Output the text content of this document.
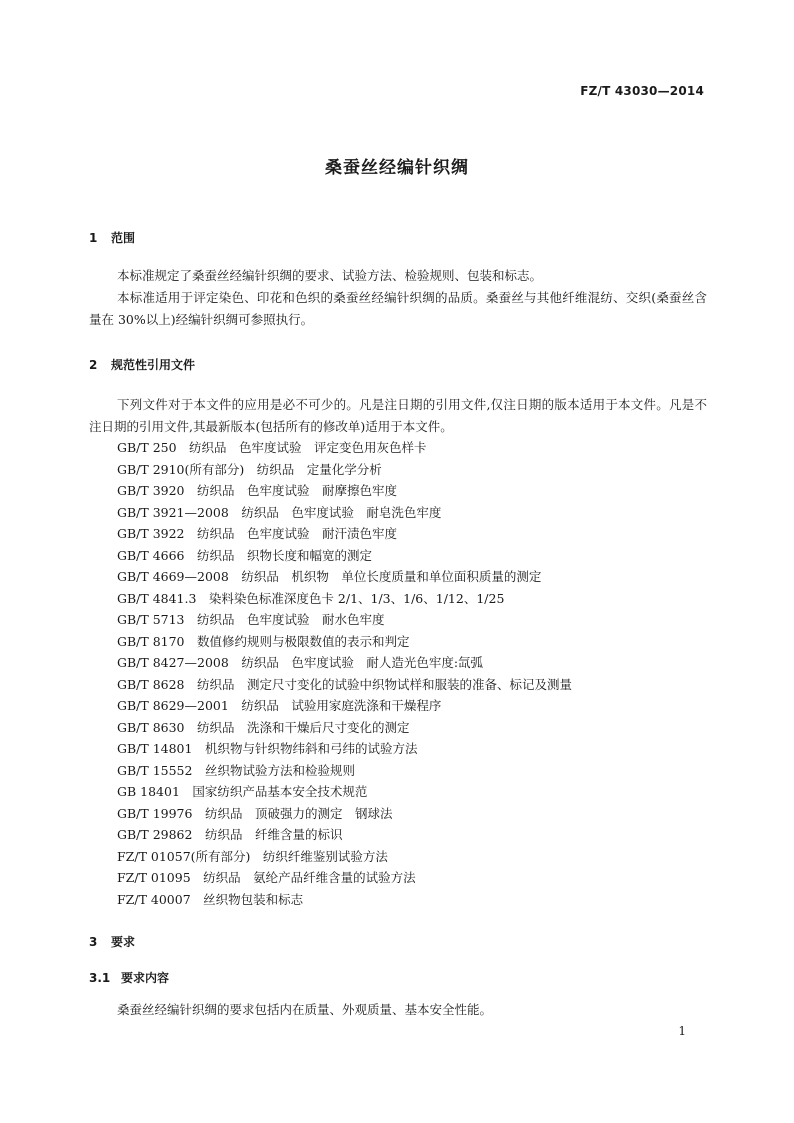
FZ/T 43030—2014
桑蚕丝经编针织绸
1 范围

本标准规定了桑蚕丝经编针织绸的要求、试验方法、检验规则、包装和标志。

本标准适用于评定染色、印花和色织的桑蚕丝经编针织绸的品质。桑蚕丝与其他纤维混纺、交织(桑蚕丝含量在 30%以上)经编针织绸可参照执行。

2 规范性引用文件

下列文件对于本文件的应用是必不可少的。凡是注日期的引用文件,仅注日期的版本适用于本文件。凡是不注日期的引用文件,其最新版本(包括所有的修改单)适用于本文件。

GB/T 250　纺织品　色牢度试验　评定变色用灰色样卡
GB/T 2910(所有部分)　纺织品　定量化学分析
GB/T 3920　纺织品　色牢度试验　耐摩擦色牢度
GB/T 3921—2008　纺织品　色牢度试验　耐皂洗色牢度
GB/T 3922　纺织品　色牢度试验　耐汗渍色牢度
GB/T 4666　纺织品　织物长度和幅宽的测定
GB/T 4669—2008　纺织品　机织物　单位长度质量和单位面积质量的测定
GB/T 4841.3　染料染色标准深度色卡 2/1、1/3、1/6、1/12、1/25
GB/T 5713　纺织品　色牢度试验　耐水色牢度
GB/T 8170　数值修约规则与极限数值的表示和判定
GB/T 8427—2008　纺织品　色牢度试验　耐人造光色牢度:氙弧
GB/T 8628　纺织品　测定尺寸变化的试验中织物试样和服装的准备、标记及测量
GB/T 8629—2001　纺织品　试验用家庭洗涤和干燥程序
GB/T 8630　纺织品　洗涤和干燥后尺寸变化的测定
GB/T 14801　机织物与针织物纬斜和弓纬的试验方法
GB/T 15552　丝织物试验方法和检验规则
GB 18401　国家纺织产品基本安全技术规范
GB/T 19976　纺织品　顶破强力的测定　钢球法
GB/T 29862　纺织品　纤维含量的标识
FZ/T 01057(所有部分)　纺织纤维鉴别试验方法
FZ/T 01095　纺织品　氨纶产品纤维含量的试验方法
FZ/T 40007　丝织物包装和标志
3 要求
3.1 要求内容

桑蚕丝经编针织绸的要求包括内在质量、外观质量、基本安全性能。

1
